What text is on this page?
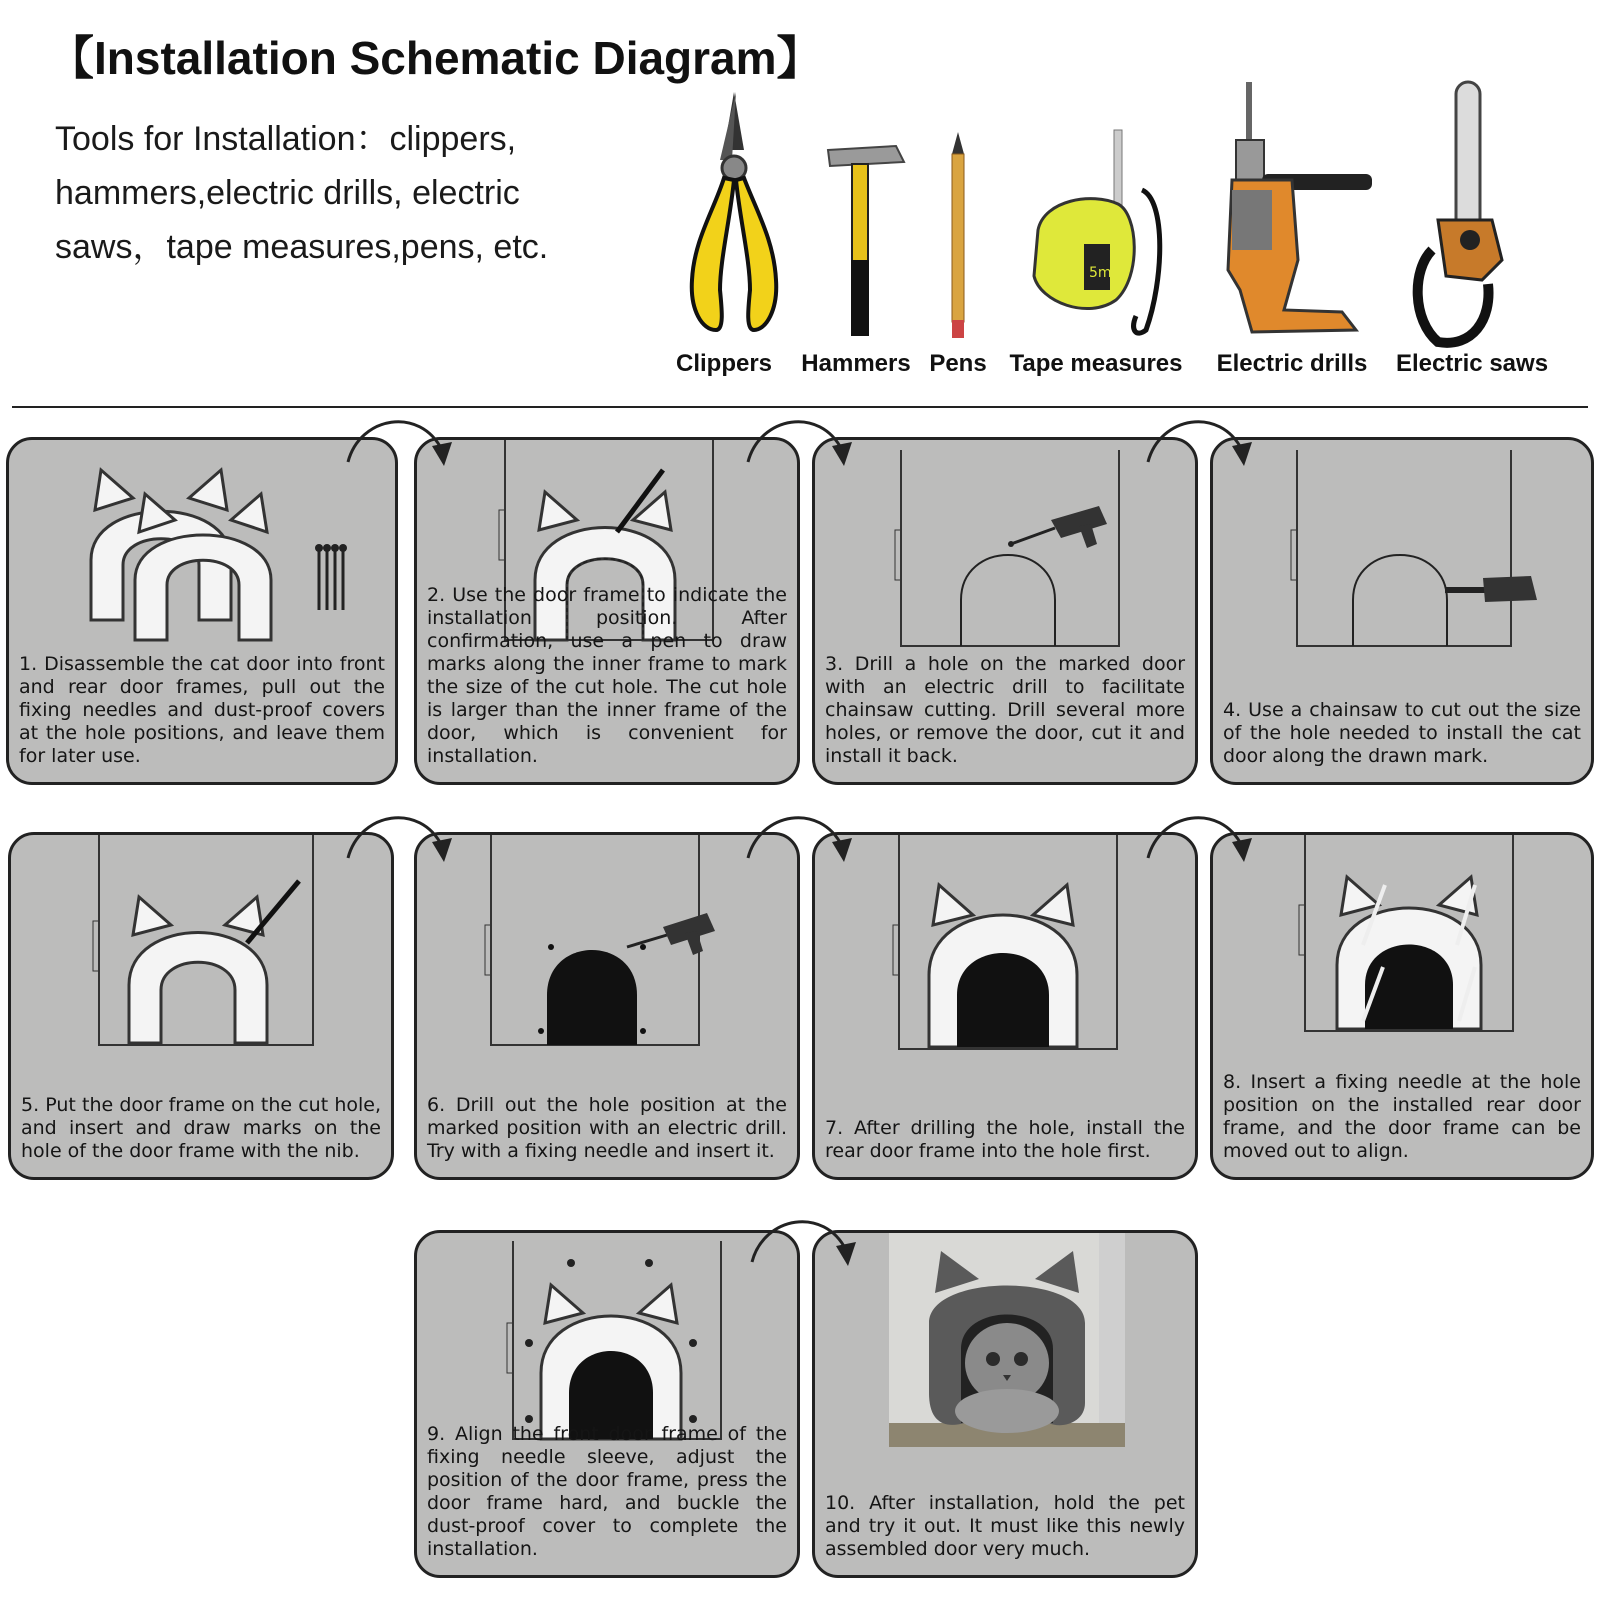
【Installation Schematic Diagram】
Tools for Installation：clippers, hammers,electric drills, electric saws，tape measures,pens, etc.
Clippers	Hammers Pens
5m
Tape measures	Electric drills	Electric saws
1. Disassemble the cat door into front and rear door frames, pull out the fixing needles and dust-proof covers at the hole positions, and leave them for later use.
2. Use the door frame to indicate the installation position. After confirmation, use a pen to draw marks along the inner frame to mark the size of the cut hole. The cut hole is larger than the inner frame of the door, which is convenient for installation.
3. Drill a hole on the marked door with an electric drill to facilitate chainsaw cutting. Drill several more holes, or remove the door, cut it and install it back.
4. Use a chainsaw to cut out the size of the hole needed to install the cat door along the drawn mark.
5. Put the door frame on the cut hole, and insert and draw marks on the hole of the door frame with the nib.
6. Drill out the hole position at the marked position with an electric drill. Try with a fixing needle and insert it.
7. After drilling the hole, install the rear door frame into the hole first.
8. Insert a fixing needle at the hole position on the installed rear door frame, and the door frame can be moved out to align.
9. Align the front door frame of the fixing needle sleeve, adjust the position of the door frame, press the door frame hard, and buckle the dust-proof cover to complete the installation.
10. After installation, hold the pet and try it out. It must like this newly assembled door very much.
